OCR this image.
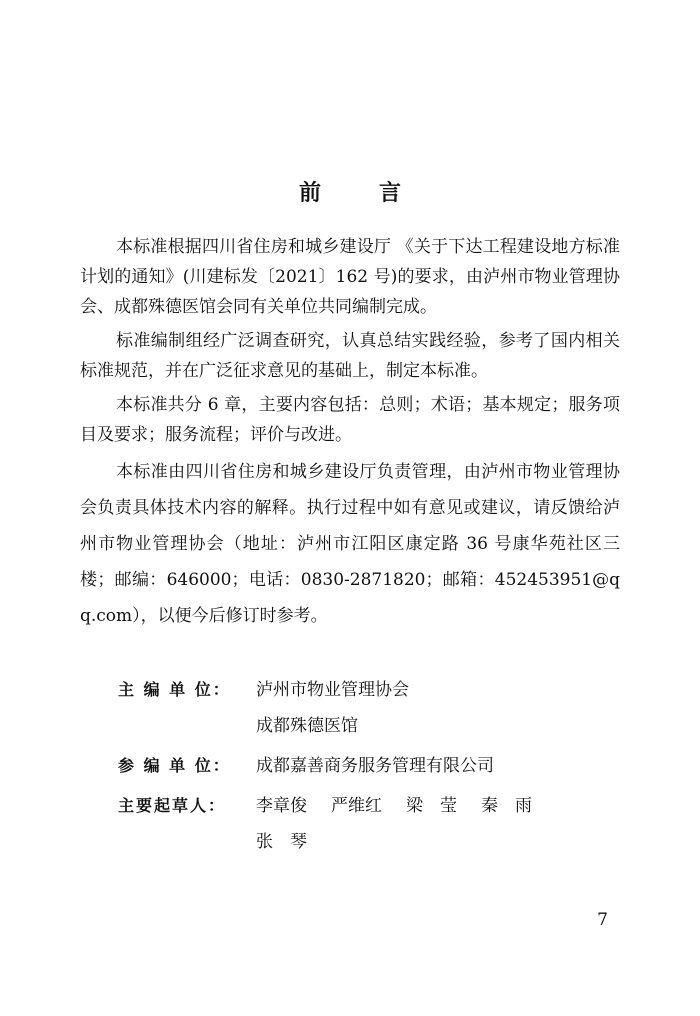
前　言

本标准根据四川省住房和城乡建设厅 《关于下达工程建设地方标准计划的通知》(川建标发〔2021〕162 号)的要求，由泸州市物业管理协会、成都殊德医馆会同有关单位共同编制完成。

标准编制组经广泛调查研究，认真总结实践经验，参考了国内相关标准规范，并在广泛征求意见的基础上，制定本标准。

本标准共分 6 章，主要内容包括：总则；术语；基本规定；服务项目及要求；服务流程；评价与改进。

本标准由四川省住房和城乡建设厅负责管理，由泸州市物业管理协会负责具体技术内容的解释。执行过程中如有意见或建议，请反馈给泸州市物业管理协会（地址：泸州市江阳区康定路 36 号康华苑社区三楼；邮编：646000；电话：0830-2871820；邮箱：452453951@qq.com），以便今后修订时参考。

主 编 单 位：	泸州市物业管理协会
成都殊德医馆
参 编 单 位：	成都嘉善商务服务管理有限公司
主要起草人：	李章俊 严维红 梁　莹 秦　雨
张　琴
7
